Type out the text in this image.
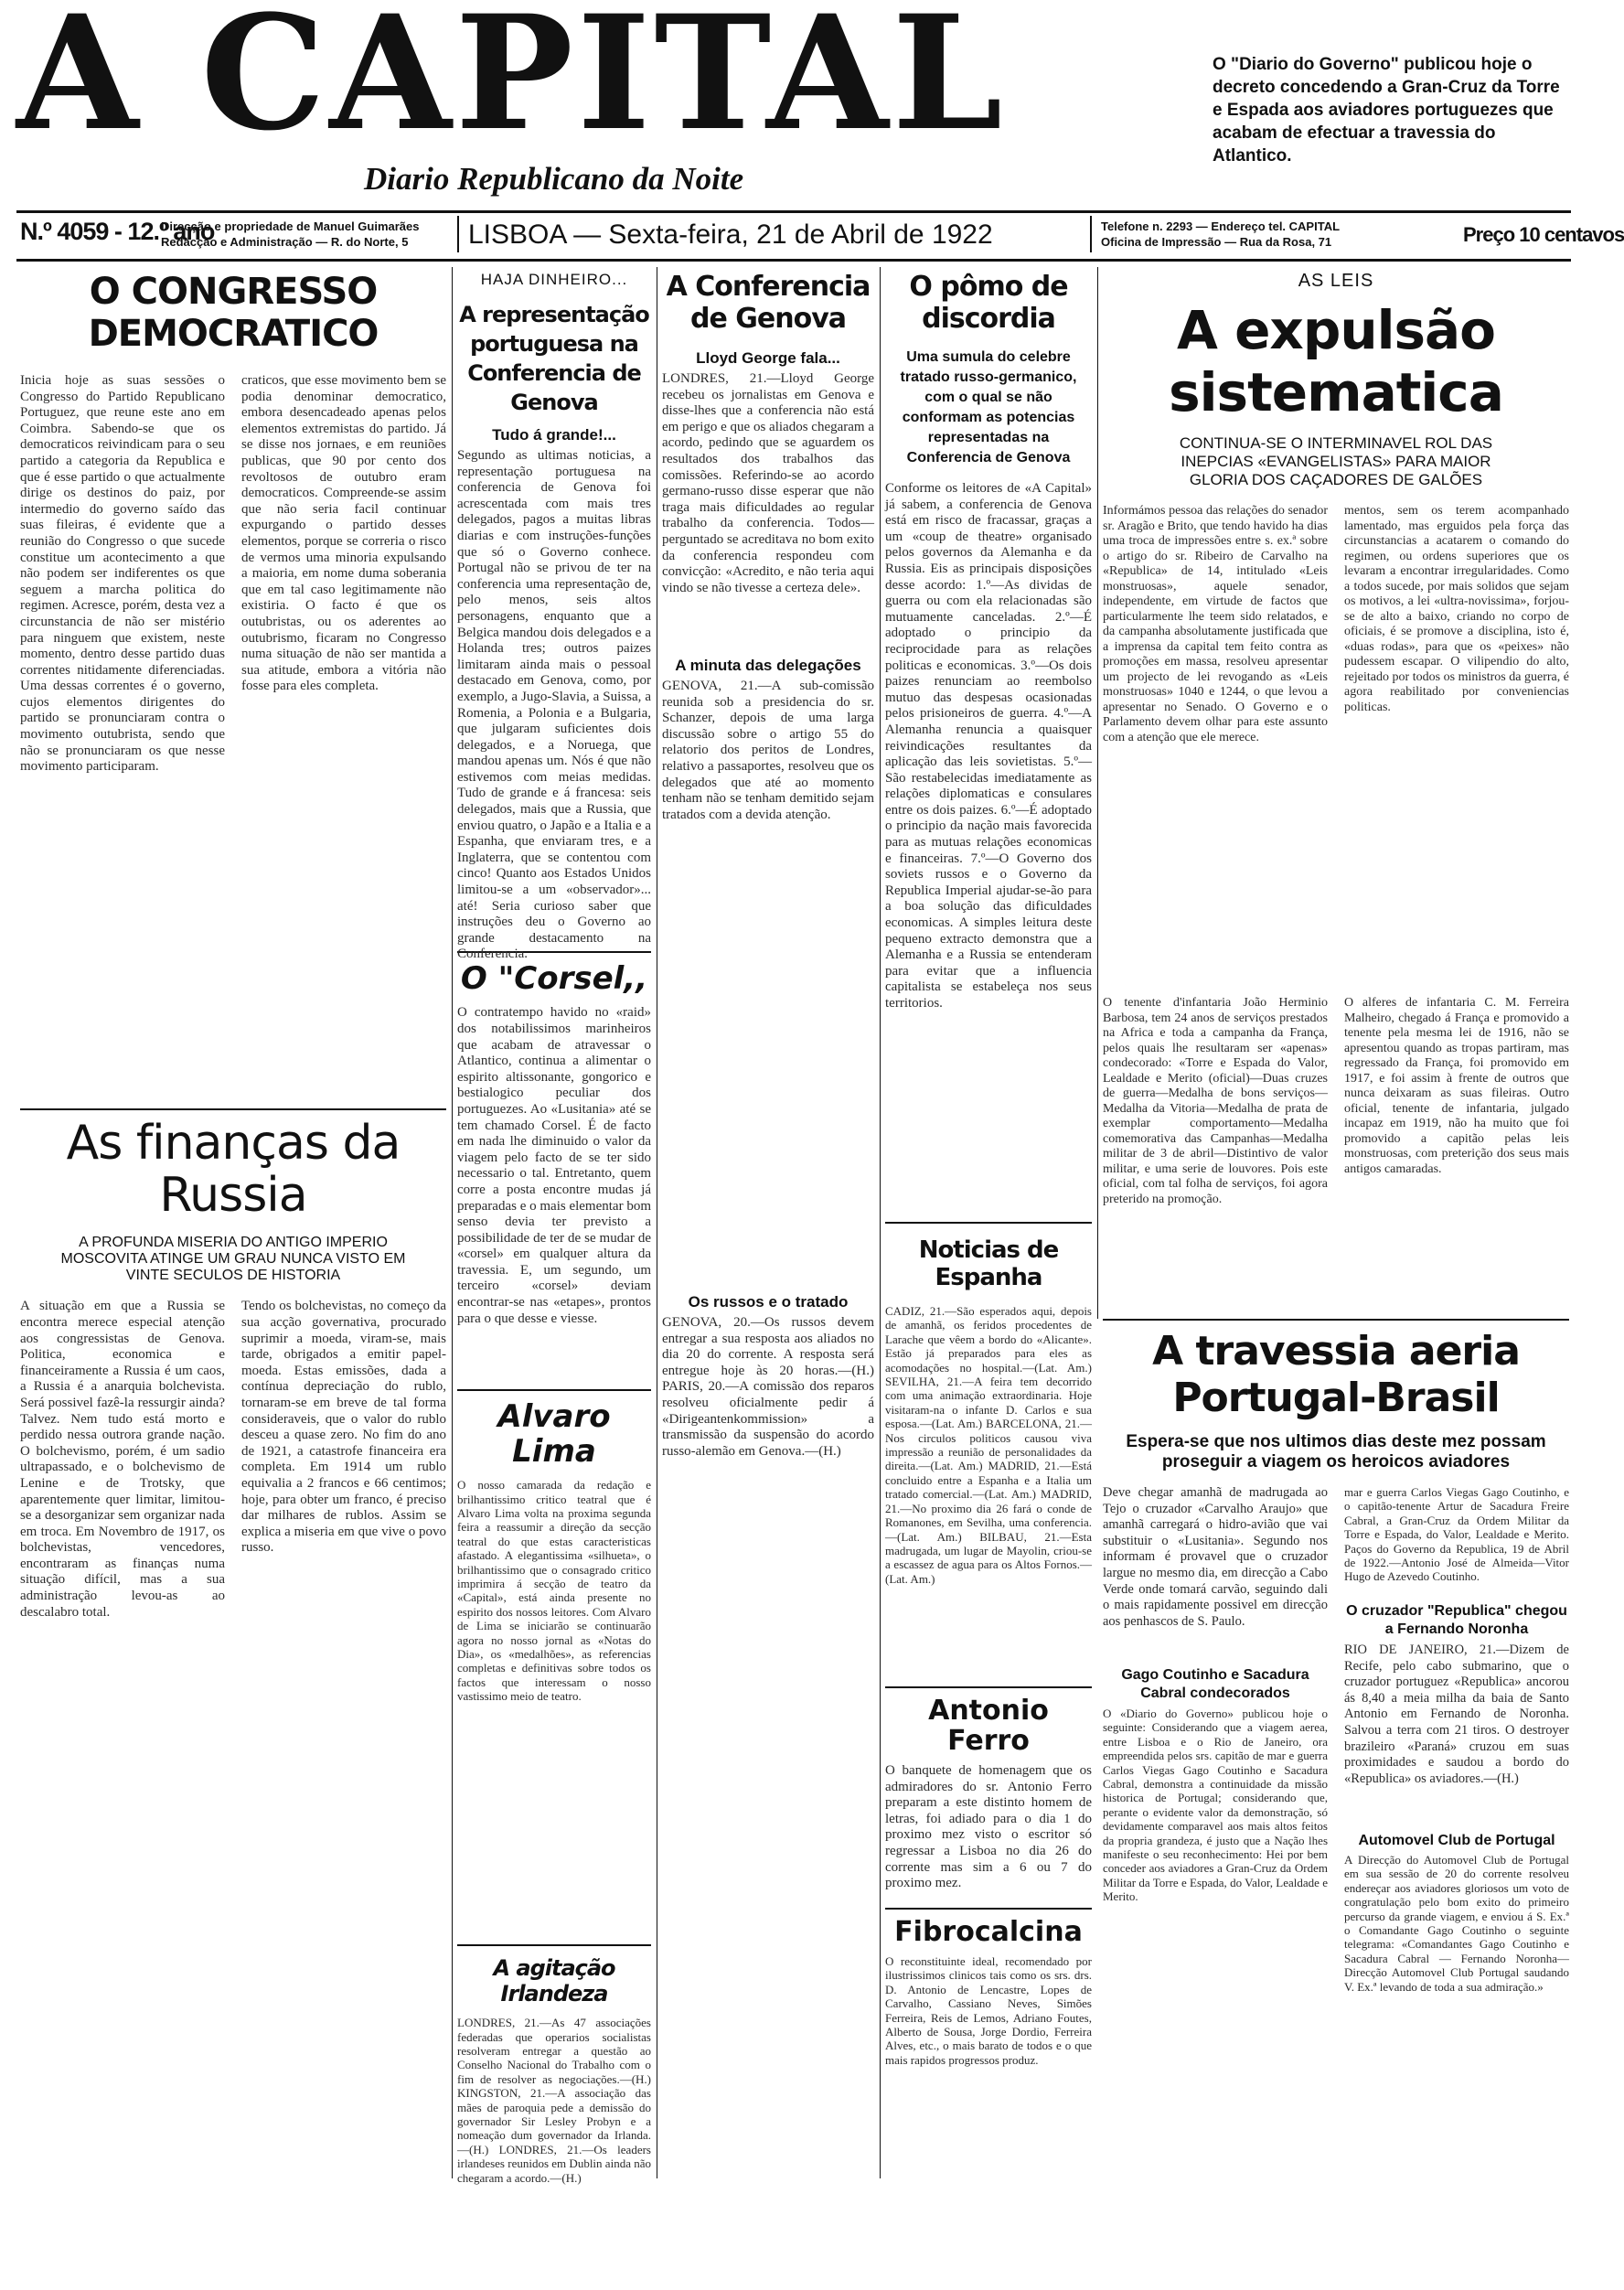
A CAPITAL
Diario Republicano da Noite
O "Diario do Governo" publicou hoje o decreto concedendo a Gran-Cruz da Torre e Espada aos aviadores portuguezes que acabam de efectuar a travessia do Atlantico.
N.º 4059 - 12.º ano
Direcção e propriedade de Manuel Guimarães
Redacção e Administração — R. do Norte, 5 LISBOA — Sexta-feira, 21 de Abril de 1922	Telefone n. 2293 — Endereço tel. CAPITAL
Oficina de Impressão — Rua da Rosa, 71	Preço 10 centavos
O CONGRESSO DEMOCRATICO
Inicia hoje as suas sessões o Congresso do Partido Republicano Portuguez, que reune este ano em Coimbra. Sabendo-se que os democraticos reivindicam para o seu partido a categoria da Republica e que é esse partido o que actualmente dirige os destinos do paiz, por intermedio do governo saído das suas fileiras, é evidente que a reunião do Congresso o que sucede constitue um acontecimento a que não podem ser indiferentes os que seguem a marcha politica do regimen. Acresce, porém, desta vez a circunstancia de não ser mistério para ninguem que existem, neste momento, dentro desse partido duas correntes nitidamente diferenciadas. Uma dessas correntes é o governo, cujos elementos dirigentes do partido se pronunciaram contra o movimento outubrista, sendo que não se pronunciaram os que nesse movimento participaram.
craticos, que esse movimento bem se podia denominar democratico, embora desencadeado apenas pelos elementos extremistas do partido. Já se disse nos jornaes, e em reuniões publicas, que 90 por cento dos revoltosos de outubro eram democraticos. Compreende-se assim que não seria facil continuar expurgando o partido desses elementos, porque se correria o risco de vermos uma minoria expulsando a maioria, em nome duma soberania que em tal caso legitimamente não existiria. O facto é que os outubristas, ou os aderentes ao outubrismo, ficaram no Congresso numa situação de não ser mantida a sua atitude, embora a vitória não fosse para eles completa.
As finanças da Russia
A PROFUNDA MISERIA DO ANTIGO IMPERIO MOSCOVITA ATINGE UM GRAU NUNCA VISTO EM VINTE SECULOS DE HISTORIA
A situação em que a Russia se encontra merece especial atenção aos congressistas de Genova. Politica, economica e financeiramente a Russia é um caos, a Russia é a anarquia bolchevista. Será possivel fazê-la ressurgir ainda? Talvez. Nem tudo está morto e perdido nessa outrora grande nação. O bolchevismo, porém, é um sadio ultrapassado, e o bolchevismo de Lenine e de Trotsky, que aparentemente quer limitar, limitou-se a desorganizar sem organizar nada em troca. Em Novembro de 1917, os bolchevistas, vencedores, encontraram as finanças numa situação difícil, mas a sua administração levou-as ao descalabro total.
Tendo os bolchevistas, no começo da sua acção governativa, procurado suprimir a moeda, viram-se, mais tarde, obrigados a emitir papel-moeda. Estas emissões, dada a contínua depreciação do rublo, tornaram-se em breve de tal forma consideraveis, que o valor do rublo desceu a quase zero. No fim do ano de 1921, a catastrofe financeira era completa. Em 1914 um rublo equivalia a 2 francos e 66 centimos; hoje, para obter um franco, é preciso dar milhares de rublos. Assim se explica a miseria em que vive o povo russo.
HAJA DINHEIRO...
A representação portuguesa na Conferencia de Genova
Tudo á grande!...
Segundo as ultimas noticias, a representação portuguesa na conferencia de Genova foi acrescentada com mais tres delegados, pagos a muitas libras diarias e com instruções-funções que só o Governo conhece. Portugal não se privou de ter na conferencia uma representação de, pelo menos, seis altos personagens, enquanto que a Belgica mandou dois delegados e a Holanda tres; outros paizes limitaram ainda mais o pessoal destacado em Genova, como, por exemplo, a Jugo-Slavia, a Suissa, a Romenia, a Polonia e a Bulgaria, que julgaram suficientes dois delegados, e a Noruega, que mandou apenas um. Nós é que não estivemos com meias medidas. Tudo de grande e á francesa: seis delegados, mais que a Russia, que enviou quatro, o Japão e a Italia e a Espanha, que enviaram tres, e a Inglaterra, que se contentou com cinco! Quanto aos Estados Unidos limitou-se a um «observador»... até! Seria curioso saber que instruções deu o Governo ao grande destacamento na Conferencia.
O "Corsel,,
O contratempo havido no «raid» dos notabilissimos marinheiros que acabam de atravessar o Atlantico, continua a alimentar o espirito altissonante, gongorico e bestialogico peculiar dos portuguezes. Ao «Lusitania» até se tem chamado Corsel. É de facto em nada lhe diminuido o valor da viagem pelo facto de se ter sido necessario o tal. Entretanto, quem corre a posta encontre mudas já preparadas e o mais elementar bom senso devia ter previsto a possibilidade de ter de se mudar de «corsel» em qualquer altura da travessia. E, um segundo, um terceiro «corsel» deviam encontrar-se nas «etapes», prontos para o que desse e viesse.
Alvaro Lima
O nosso camarada da redação e brilhantissimo critico teatral que é Alvaro Lima volta na proxima segunda feira a reassumir a direção da secção teatral do que estas caracteristicas afastado. A elegantissima «silhueta», o brilhantissimo que o consagrado critico imprimira á secção de teatro da «Capital», está ainda presente no espirito dos nossos leitores. Com Alvaro de Lima se iniciarão se continuarão agora no nosso jornal as «Notas do Dia», os «medalhões», as referencias completas e definitivas sobre todos os factos que interessam o nosso vastissimo meio de teatro.
A agitação Irlandeza
LONDRES, 21.—As 47 associações federadas que operarios socialistas resolveram entregar a questão ao Conselho Nacional do Trabalho com o fim de resolver as negociações.—(H.) KINGSTON, 21.—A associação das mães de paroquia pede a demissão do governador Sir Lesley Probyn e a nomeação dum governador da Irlanda.—(H.) LONDRES, 21.—Os leaders irlandeses reunidos em Dublin ainda não chegaram a acordo.—(H.)
A Conferencia de Genova
Lloyd George fala...
LONDRES, 21.—Lloyd George recebeu os jornalistas em Genova e disse-lhes que a conferencia não está em perigo e que os aliados chegaram a acordo, pedindo que se aguardem os resultados dos trabalhos das comissões. Referindo-se ao acordo germano-russo disse esperar que não traga mais dificuldades ao regular trabalho da conferencia. Todos—perguntado se acreditava no bom exito da conferencia respondeu com convicção: «Acredito, e não teria aqui vindo se não tivesse a certeza dele».
A minuta das delegações
GENOVA, 21.—A sub-comissão reunida sob a presidencia do sr. Schanzer, depois de uma larga discussão sobre o artigo 55 do relatorio dos peritos de Londres, relativo a passaportes, resolveu que os delegados que até ao momento tenham não se tenham demitido sejam tratados com a devida atenção.
Os russos e o tratado
GENOVA, 20.—Os russos devem entregar a sua resposta aos aliados no dia 20 do corrente. A resposta será entregue hoje às 20 horas.—(H.) PARIS, 20.—A comissão dos reparos resolveu oficialmente pedir á «Dirigeantenkommission» a transmissão da suspensão do acordo russo-alemão em Genova.—(H.)
O pômo de discordia
Uma sumula do celebre tratado russo-germanico, com o qual se não conformam as potencias representadas na Conferencia de Genova
Conforme os leitores de «A Capital» já sabem, a conferencia de Genova está em risco de fracassar, graças a um «coup de theatre» organisado pelos governos da Alemanha e da Russia. Eis as principais disposições desse acordo: 1.º—As dividas de guerra ou com ela relacionadas são mutuamente canceladas. 2.º—É adoptado o principio da reciprocidade para as relações politicas e economicas. 3.º—Os dois paizes renunciam ao reembolso mutuo das despesas ocasionadas pelos prisioneiros de guerra. 4.º—A Alemanha renuncia a quaisquer reivindicações resultantes da aplicação das leis sovietistas. 5.º—São restabelecidas imediatamente as relações diplomaticas e consulares entre os dois paizes. 6.º—É adoptado o principio da nação mais favorecida para as mutuas relações economicas e financeiras. 7.º—O Governo dos soviets russos e o Governo da Republica Imperial ajudar-se-ão para a boa solução das dificuldades economicas. A simples leitura deste pequeno extracto demonstra que a Alemanha e a Russia se entenderam para evitar que a influencia capitalista se estabeleça nos seus territorios.
Noticias de Espanha
CADIZ, 21.—São esperados aqui, depois de amanhã, os feridos procedentes de Larache que vêem a bordo do «Alicante». Estão já preparados para eles as acomodações no hospital.—(Lat. Am.) SEVILHA, 21.—A feira tem decorrido com uma animação extraordinaria. Hoje visitaram-na o infante D. Carlos e sua esposa.—(Lat. Am.) BARCELONA, 21.—Nos circulos politicos causou viva impressão a reunião de personalidades da direita.—(Lat. Am.) MADRID, 21.—Está concluido entre a Espanha e a Italia um tratado comercial.—(Lat. Am.) MADRID, 21.—No proximo dia 26 fará o conde de Romanones, em Sevilha, uma conferencia.—(Lat. Am.) BILBAU, 21.—Esta madrugada, um lugar de Mayolin, criou-se a escassez de agua para os Altos Fornos.—(Lat. Am.)
Antonio Ferro
O banquete de homenagem que os admiradores do sr. Antonio Ferro preparam a este distinto homem de letras, foi adiado para o dia 1 do proximo mez visto o escritor só regressar a Lisboa no dia 26 do corrente mas sim a 6 ou 7 do proximo mez.
Fibrocalcina
O reconstituinte ideal, recomendado por ilustrissimos clinicos tais como os srs. drs. D. Antonio de Lencastre, Lopes de Carvalho, Cassiano Neves, Simões Ferreira, Reis de Lemos, Adriano Foutes, Alberto de Sousa, Jorge Dordio, Ferreira Alves, etc., o mais barato de todos e o que mais rapidos progressos produz.
AS LEIS
A expulsão sistematica
CONTINUA-SE O INTERMINAVEL ROL DAS INEPCIAS «EVANGELISTAS» PARA MAIOR GLORIA DOS CAÇADORES DE GALÕES
Informámos pessoa das relações do senador sr. Aragão e Brito, que tendo havido ha dias uma troca de impressões entre s. ex.ª sobre o artigo do sr. Ribeiro de Carvalho na «Republica» de 14, intitulado «Leis monstruosas», aquele senador, independente, em virtude de factos que particularmente lhe teem sido relatados, e da campanha absolutamente justificada que a imprensa da capital tem feito contra as promoções em massa, resolveu apresentar um projecto de lei revogando as «Leis monstruosas» 1040 e 1244, o que levou a apresentar no Senado. O Governo e o Parlamento devem olhar para este assunto com a atenção que ele merece.
mentos, sem os terem acompanhado lamentado, mas erguidos pela força das circunstancias a acatarem o comando do regimen, ou ordens superiores que os levaram a encontrar irregularidades. Como a todos sucede, por mais solidos que sejam os motivos, a lei «ultra-novissima», forjou-se de alto a baixo, criando no corpo de oficiais, é se promove a disciplina, isto é, «duas rodas», para que os «peixes» não pudessem escapar. O vilipendio do alto, rejeitado por todos os ministros da guerra, é agora reabilitado por conveniencias politicas.
O tenente d'infantaria João Herminio Barbosa, tem 24 anos de serviços prestados na Africa e toda a campanha da França, pelos quais lhe resultaram ser «apenas» condecorado: «Torre e Espada do Valor, Lealdade e Merito (oficial)—Duas cruzes de guerra—Medalha de bons serviços—Medalha da Vitoria—Medalha de prata de exemplar comportamento—Medalha comemorativa das Campanhas—Medalha militar de 3 de abril—Distintivo de valor militar, e uma serie de louvores. Pois este oficial, com tal folha de serviços, foi agora preterido na promoção.
O alferes de infantaria C. M. Ferreira Malheiro, chegado á França e promovido a tenente pela mesma lei de 1916, não se apresentou quando as tropas partiram, mas regressado da França, foi promovido em 1917, e foi assim à frente de outros que nunca deixaram as suas fileiras. Outro oficial, tenente de infantaria, julgado incapaz em 1919, não ha muito que foi promovido a capitão pelas leis monstruosas, com preterição dos seus mais antigos camaradas.
A travessia aeria Portugal-Brasil
Espera-se que nos ultimos dias deste mez possam proseguir a viagem os heroicos aviadores
Deve chegar amanhã de madrugada ao Tejo o cruzador «Carvalho Araujo» que amanhã carregará o hidro-avião que vai substituir o «Lusitania». Segundo nos informam é provavel que o cruzador largue no mesmo dia, em direcção a Cabo Verde onde tomará carvão, seguindo dali o mais rapidamente possivel em direcção aos penhascos de S. Paulo.
Gago Coutinho e Sacadura Cabral condecorados
O «Diario do Governo» publicou hoje o seguinte: Considerando que a viagem aerea, entre Lisboa e o Rio de Janeiro, ora empreendida pelos srs. capitão de mar e guerra Carlos Viegas Gago Coutinho e Sacadura Cabral, demonstra a continuidade da missão historica de Portugal; considerando que, perante o evidente valor da demonstração, só devidamente comparavel aos mais altos feitos da propria grandeza, é justo que a Nação lhes manifeste o seu reconhecimento: Hei por bem conceder aos aviadores a Gran-Cruz da Ordem Militar da Torre e Espada, do Valor, Lealdade e Merito.
mar e guerra Carlos Viegas Gago Coutinho, e o capitão-tenente Artur de Sacadura Freire Cabral, a Gran-Cruz da Ordem Militar da Torre e Espada, do Valor, Lealdade e Merito. Paços do Governo da Republica, 19 de Abril de 1922.—Antonio José de Almeida—Vitor Hugo de Azevedo Coutinho.
O cruzador "Republica" chegou a Fernando Noronha
RIO DE JANEIRO, 21.—Dizem de Recife, pelo cabo submarino, que o cruzador portuguez «Republica» ancorou ás 8,40 a meia milha da baia de Santo Antonio em Fernando de Noronha. Salvou a terra com 21 tiros. O destroyer brazileiro «Paraná» cruzou em suas proximidades e saudou a bordo do «Republica» os aviadores.—(H.)
Automovel Club de Portugal
A Direcção do Automovel Club de Portugal em sua sessão de 20 do corrente resolveu endereçar aos aviadores gloriosos um voto de congratulação pelo bom exito do primeiro percurso da grande viagem, e enviou á S. Ex.ª o Comandante Gago Coutinho o seguinte telegrama: «Comandantes Gago Coutinho e Sacadura Cabral — Fernando Noronha—Direcção Automovel Club Portugal saudando V. Ex.ª levando de toda a sua admiração.»
